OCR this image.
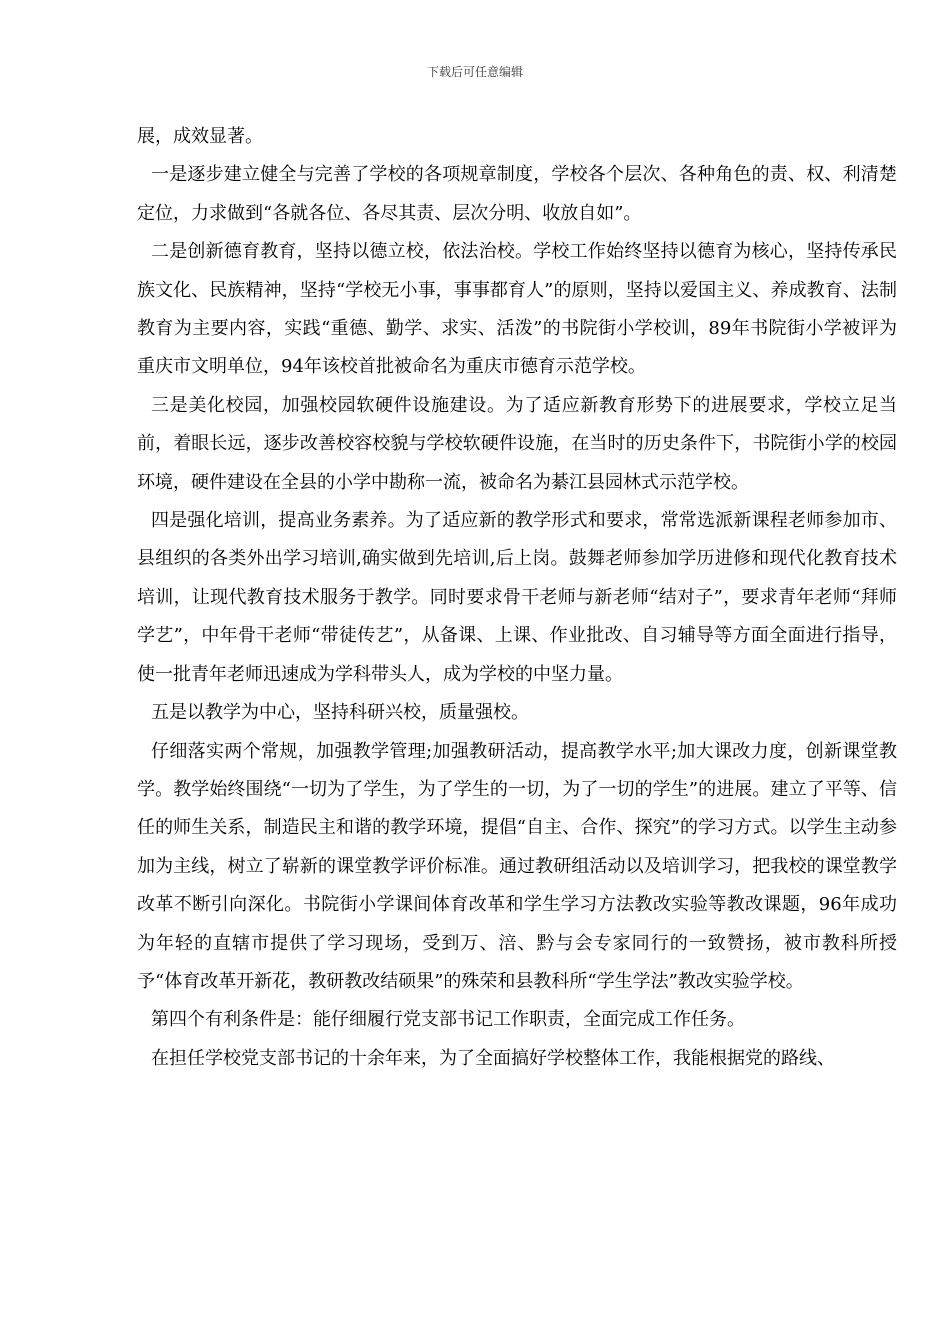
下载后可任意编辑

展，成效显著。

一是逐步建立健全与完善了学校的各项规章制度，学校各个层次、各种角色的责、权、利清楚定位，力求做到“各就各位、各尽其责、层次分明、收放自如”。

二是创新德育教育，坚持以德立校，依法治校。学校工作始终坚持以德育为核心，坚持传承民族文化、民族精神，坚持“学校无小事，事事都育人”的原则，坚持以爱国主义、养成教育、法制教育为主要内容，实践“重德、勤学、求实、活泼”的书院街小学校训，89年书院街小学被评为重庆市文明单位，94年该校首批被命名为重庆市德育示范学校。

三是美化校园，加强校园软硬件设施建设。为了适应新教育形势下的进展要求，学校立足当前，着眼长远，逐步改善校容校貌与学校软硬件设施，在当时的历史条件下，书院街小学的校园环境，硬件建设在全县的小学中勘称一流，被命名为綦江县园林式示范学校。

四是强化培训，提高业务素养。为了适应新的教学形式和要求，常常选派新课程老师参加市、县组织的各类外出学习培训,确实做到先培训,后上岗。鼓舞老师参加学历进修和现代化教育技术培训，让现代教育技术服务于教学。同时要求骨干老师与新老师“结对子”，要求青年老师“拜师学艺”，中年骨干老师“带徒传艺”，从备课、上课、作业批改、自习辅导等方面全面进行指导，使一批青年老师迅速成为学科带头人，成为学校的中坚力量。

五是以教学为中心，坚持科研兴校，质量强校。

仔细落实两个常规，加强教学管理;加强教研活动，提高教学水平;加大课改力度，创新课堂教学。教学始终围绕“一切为了学生，为了学生的一切，为了一切的学生”的进展。建立了平等、信任的师生关系，制造民主和谐的教学环境，提倡“自主、合作、探究”的学习方式。以学生主动参加为主线，树立了崭新的课堂教学评价标准。通过教研组活动以及培训学习，把我校的课堂教学改革不断引向深化。书院街小学课间体育改革和学生学习方法教改实验等教改课题，96年成功为年轻的直辖市提供了学习现场，受到万、涪、黔与会专家同行的一致赞扬，被市教科所授予“体育改革开新花，教研教改结硕果”的殊荣和县教科所“学生学法”教改实验学校。

第四个有利条件是：能仔细履行党支部书记工作职责，全面完成工作任务。

在担任学校党支部书记的十余年来，为了全面搞好学校整体工作，我能根据党的路线、
